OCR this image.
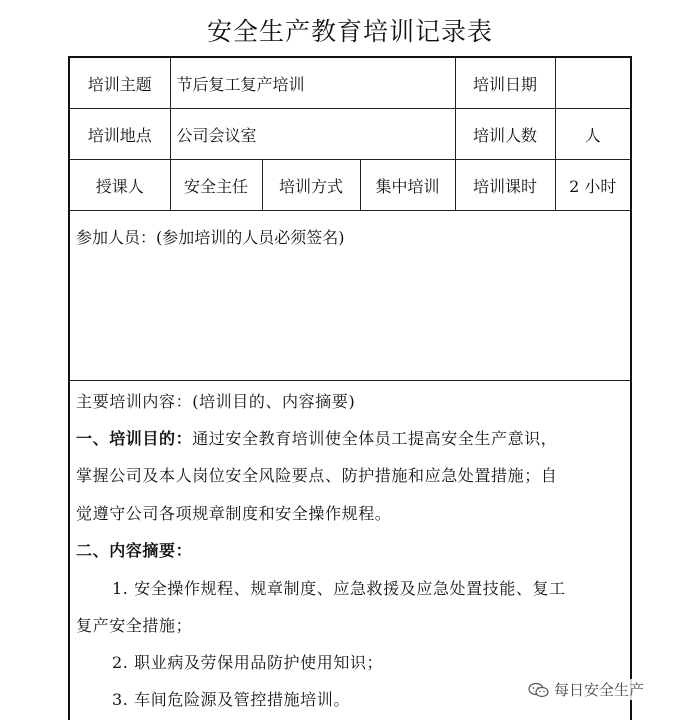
安全生产教育培训记录表
培训主题	节后复工复产培训			培训日期	
培训地点	公司会议室			培训人数	人
授课人	安全主任	培训方式	集中培训	培训课时	2 小时
参加人员：(参加培训的人员必须签名)
主要培训内容：(培训目的、内容摘要)
一、培训目的：通过安全教育培训使全体员工提高安全生产意识，
掌握公司及本人岗位安全风险要点、防护措施和应急处置措施；自
觉遵守公司各项规章制度和安全操作规程。
二、内容摘要：
1. 安全操作规程、规章制度、应急救援及应急处置技能、复工
复产安全措施；
2. 职业病及劳保用品防护使用知识；
3. 车间危险源及管控措施培训。	每日安全生产
